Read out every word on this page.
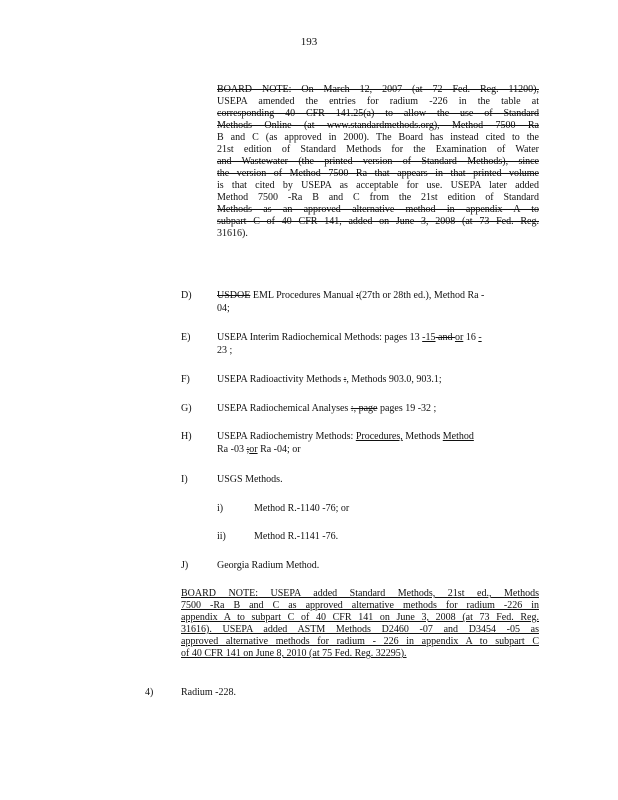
193
BOARD NOTE: On March 12, 2007 (at 72 Fed. Reg. 11200),
USEPA amended the entries for radium -226 in the table at
corresponding 40 CFR 141.25(a) to allow the use of Standard
Methods Online (at www.standardmethods.org), Method 7500 Ra
B and C (as approved in 2000). The Board has instead cited to the
21st edition of Standard Methods for the Examination of Water
and Wastewater (the printed version of Standard Methods), since
the version of Method 7500 Ra that appears in that printed volume
is that cited by USEPA as acceptable for use. USEPA later added
Method 7500 -Ra B and C from the 21st edition of Standard
Methods as an approved alternative method in appendix A to
subpart C of 40 CFR 141, added on June 3, 2008 (at 73 Fed. Reg.
31616).
D)	USDOE EML Procedures Manual :(27th or 28th ed.), Method Ra -
04;
E)	USEPA Interim Radiochemical Methods: pages 13 -15 and or 16 -
23 ;
F)	USEPA Radioactivity Methods :, Methods 903.0, 903.1;
G)	USEPA Radiochemical Analyses :, page pages 19 -32 ;
H)	USEPA Radiochemistry Methods: Procedures, Methods Method
Ra -03 ;or Ra -04; or
I)	USGS Methods.
i)	Method R.-1140 -76; or
ii)	Method R.-1141 -76.
J)	Georgia Radium Method.
BOARD NOTE: USEPA added Standard Methods, 21st ed., Methods
7500 -Ra B and C as approved alternative methods for radium -226 in
appendix A to subpart C of 40 CFR 141 on June 3, 2008 (at 73 Fed. Reg.
31616). USEPA added ASTM Methods D2460 -07 and D3454 -05 as
approved alternative methods for radium - 226 in appendix A to subpart C
of 40 CFR 141 on June 8, 2010 (at 75 Fed. Reg. 32295).
4)	Radium -228.
